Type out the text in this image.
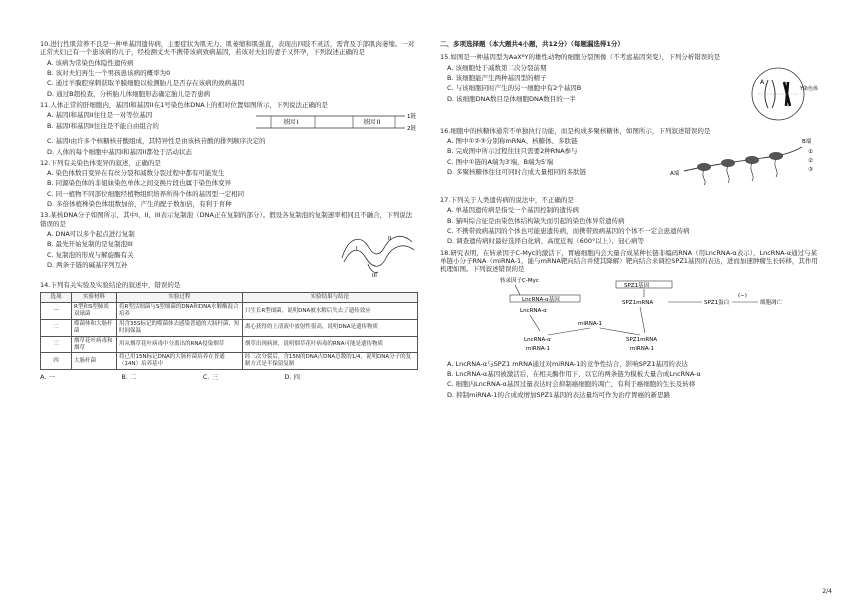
10.进行性肌营养不良是一种单基因遗传病，主要症状为肌无力、肌萎缩和肌强直，表现出四肢不灵活，需背及手部肌肉萎缩。一对正常夫妇已有一个患该病的儿子，经检测丈夫不携带该病致病基因，若该对夫妇的妻子又怀孕，下列叙述正确的是

A. 该病为常染色体隐性遗传病

B. 该对夫妇再生一个男孩患该病的概率为0

C. 通过羊膜腔穿刺获取羊膜细胞以检测胎儿是否存在该病的致病基因

D. 通过B超检查，分析胎儿体细胞形态确定胎儿是否患病

11.人体正常的肝细胞内，基因I和基因II在1号染色体DNA上的相对位置如图所示，下列说法正确的是

A. 基因I和基因II往往是一对等位基因

B. 基因I和基因II往往是不能自由组合的	基因 I	基因 II
1链
2链

C. 基因I由许多个核糖核苷酸组成，其特异性是由该核苷酸的排列顺序决定的

D. 人体的每个细胞中基因I和基因II都处于活动状态

12.下列有关染色体变异的叙述，正确的是

A. 染色体数目变异在有丝分裂和减数分裂过程中都有可能发生

B. 同源染色体的非姐妹染色单体之间交换片段也属于染色体变异

C. 同一植物不同部位细胞经植物组织培养所得个体的基因型一定相同

D. 多倍体植株染色体组数加倍，产生的配子数加倍，有利于育种

13.某核DNA分子如图所示，其中I、II、III表示复制泡（DNA正在复制的部分）。假设各复制泡的复制速率相同且不融合，下列说法错误的是

A. DNA可以多个起点进行复制

B. 最先开始复制的是复制泡III

C. 复制泡的形成与解旋酶有关

D. 两条子链的碱基序列互补

I
II
III

14.下列有关实验及实验结论的叙述中，错误的是

选项	实验材料	实验过程	实验结果与结论
一	R型和S型肺炎双球菌	将R型活细菌与S型细菌的DNA和DNA水解酶混合培养	只生长R型细菌，说明DNA被水解后失去了遗传效应
二	噬菌体和大肠杆菌	用含35S标记的噬菌体去感染普通的大肠杆菌，短时间保温	离心获得的上清液中放射性很高，说明DNA是遗传物质
三	烟草花叶病毒和烟草	用从烟草花叶病毒中分离出的RNA侵染烟草	烟草出现病斑，说明烟草花叶病毒的RNA可能是遗传物质
四	大肠杆菌	将已用15N标记DNA的大肠杆菌培养在普通（14N）培养基中	经三次分裂后，含15N的DNA占DNA总数的1/4，说明DNA分子的复制方式是半保留复制
A. 一	B. 二	C. 三	D. 四

二、多项选择题（本大题共4小题，共12分）（每题漏选得1分）

15.如图是一种基因型为AaXᴮY的雄性动物的细胞分裂图像（不考虑基因突变），下列分析错误的是

A. 该细胞处于减数第二次分裂前期

B. 该细胞能产生两种基因型的精子

C. 与该细胞同时产生的另一细胞中有2个基因B

D. 该细胞DNA数目是体细胞DNA数目的一半

A
Y染色体

16.细胞中的核糖体通常不单独执行功能，而是构成多聚核糖体，如图所示，下列叙述错误的是

A. 图中①②③分别称mRNA、核糖体、多肽链

B. 完成图中所示过程往往只需要2种RNA参与

C. 图中①链的A端为3′端，B端为5′端

D. 多聚核糖体往往可同时合成大量相同的多肽链	A端
B端
①
②
③

17.下列关于人类遗传病的说法中，不正确的是

A. 单基因遗传病是指受一个基因控制的遗传病

B. 猫叫综合征是由染色体结构缺失而引起的染色体异常遗传病

C. 不携带致病基因的个体也可能患遗传病，而携带致病基因的个体不一定会患遗传病

D. 调查遗传病时最好选择白化病、高度近视（600°以上）、冠心病等

18.研究表明，在转录因子C-Myc的激活下，胃癌细胞内会大量合成某种长链非编码RNA（用LncRNA-α表示），LncRNA-α通过与某单链小分子RNA（miRNA-1，能与mRNA靶向结合并使其降解）靶向结合来调控SPZ1基因的表达，进而加速肿瘤生长转移，其作用机理如图。下列叙述错误的是

转录因子C-Myc
LncRNA-α基因
SPZ1基因
LncRNA-α
SPZ1mRNA	SPZ1蛋白
(−)
细胞凋亡
miRNA-1
LncRNA-α
miRNA-1
SPZ1mRNA
miRNA-1

A. LncRNA-α与SPZ1 mRNA通过对miRNA-1的竞争性结合，影响SPZ1基因的表达

B. LncRNA-α基因被激活后，在相关酶作用下，以它的两条链为模板大量合成LncRNA-α

C. 细胞内LncRNA-α基因过量表达时会抑制癌细胞的凋亡，有利于癌细胞的生长及转移

D. 抑制miRNA-1的合成或增加SPZ1基因的表达量均可作为治疗胃癌的新思路

2/4
